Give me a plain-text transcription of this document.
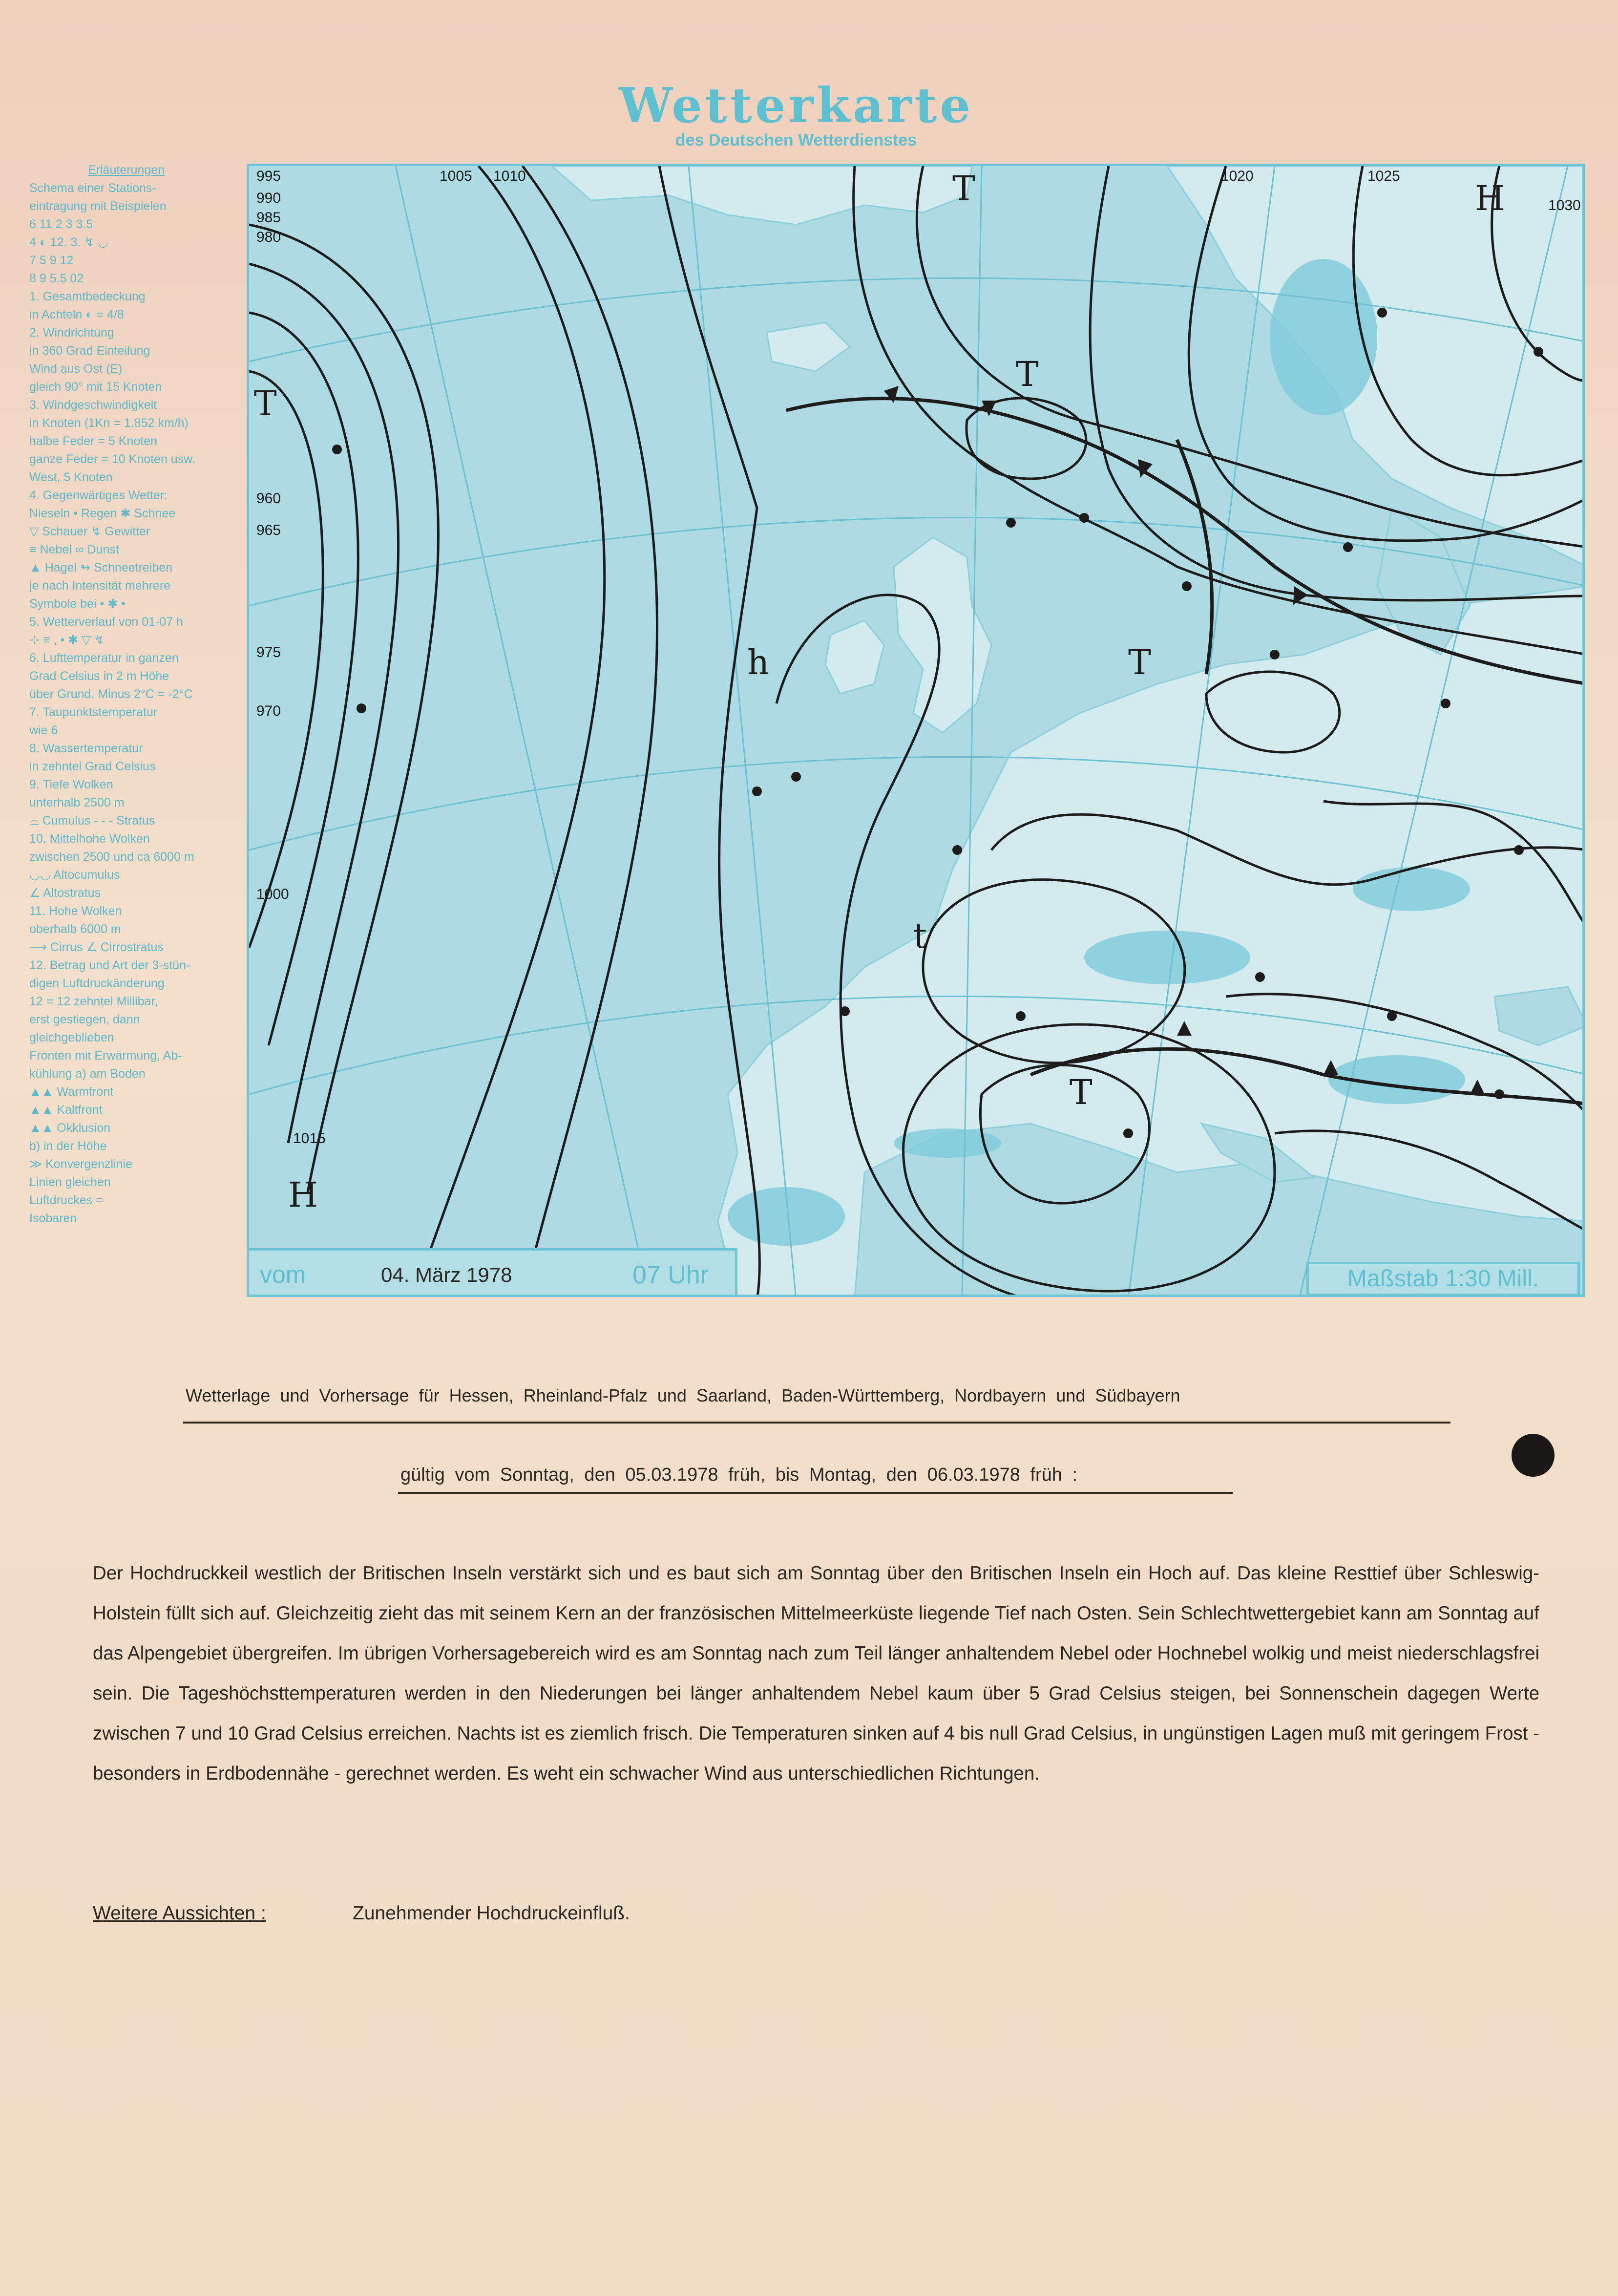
Wetterkarte
des Deutschen Wetterdienstes
Erläuterungen
Schema einer Stations-
eintragung mit Beispielen
6 11 2 3 3.5
4 ◐ 12. 3. ↯ ◡
7 5 9 12
8 9 5.5 02
1. Gesamtbedeckung
in Achteln ◐ = 4/8
2. Windrichtung
in 360 Grad Einteilung
Wind aus Ost (E)
gleich 90° mit 15 Knoten
3. Windgeschwindigkeit
in Knoten (1Kn = 1.852 km/h)
halbe Feder = 5 Knoten
ganze Feder = 10 Knoten usw.
West, 5 Knoten
4. Gegenwärtiges Wetter:
Nieseln • Regen ✱ Schnee
▽ Schauer ↯ Gewitter
≡ Nebel ∞ Dunst
▲ Hagel ↬ Schneetreiben
je nach Intensität mehrere
Symbole bei • ✱ •
5. Wetterverlauf von 01-07 h
⊹ ≡ , • ✱ ▽ ↯
6. Lufttemperatur in ganzen
Grad Celsius in 2 m Höhe
über Grund. Minus 2°C = -2°C
7. Taupunktstemperatur
wie 6
8. Wassertemperatur
in zehntel Grad Celsius
9. Tiefe Wolken
unterhalb 2500 m
⌓ Cumulus - - - Stratus
10. Mittelhohe Wolken
zwischen 2500 und ca 6000 m
◡◡ Altocumulus
∠ Altostratus
11. Hohe Wolken
oberhalb 6000 m
⟶ Cirrus ∠ Cirrostratus
12. Betrag und Art der 3-stün-
digen Luftdruckänderung
12 = 12 zehntel Millibar,
erst gestiegen, dann
gleichgeblieben
Fronten mit Erwärmung, Ab-
kühlung a) am Boden
▲▲ Warmfront
▲▲ Kaltfront
▲▲ Okklusion
b) in der Höhe
≫ Konvergenzlinie
Linien gleichen
Luftdruckes =
Isobaren
T
H
h
T
T
T
t
T
H
995
990
985
980
975
970
965
960
1000
1005 1010
1015
1020	1025
1030
vom	04. März 1978	07 Uhr	Maßstab 1:30 Mill.
Wetterlage und Vorhersage für Hessen, Rheinland-Pfalz und Saarland, Baden-Württemberg, Nordbayern und Südbayern
gültig vom Sonntag, den 05.03.1978 früh, bis Montag, den 06.03.1978 früh :
Der Hochdruckkeil westlich der Britischen Inseln verstärkt sich und es baut sich am Sonntag über den Britischen Inseln ein Hoch auf. Das kleine Resttief über Schleswig-Holstein füllt sich auf. Gleichzeitig zieht das mit seinem Kern an der französischen Mittelmeerküste liegende Tief nach Osten. Sein Schlechtwettergebiet kann am Sonntag auf das Alpengebiet übergreifen. Im übrigen Vorhersagebereich wird es am Sonntag nach zum Teil länger anhaltendem Nebel oder Hochnebel wolkig und meist niederschlagsfrei sein. Die Tageshöchsttemperaturen werden in den Niederungen bei länger anhaltendem Nebel kaum über 5 Grad Celsius steigen, bei Sonnenschein dagegen Werte zwischen 7 und 10 Grad Celsius erreichen. Nachts ist es ziemlich frisch. Die Temperaturen sinken auf 4 bis null Grad Celsius, in ungünstigen Lagen muß mit geringem Frost - besonders in Erdbodennähe - gerechnet werden. Es weht ein schwacher Wind aus unterschiedlichen Richtungen.
Weitere Aussichten :	Zunehmender Hochdruckeinfluß.
